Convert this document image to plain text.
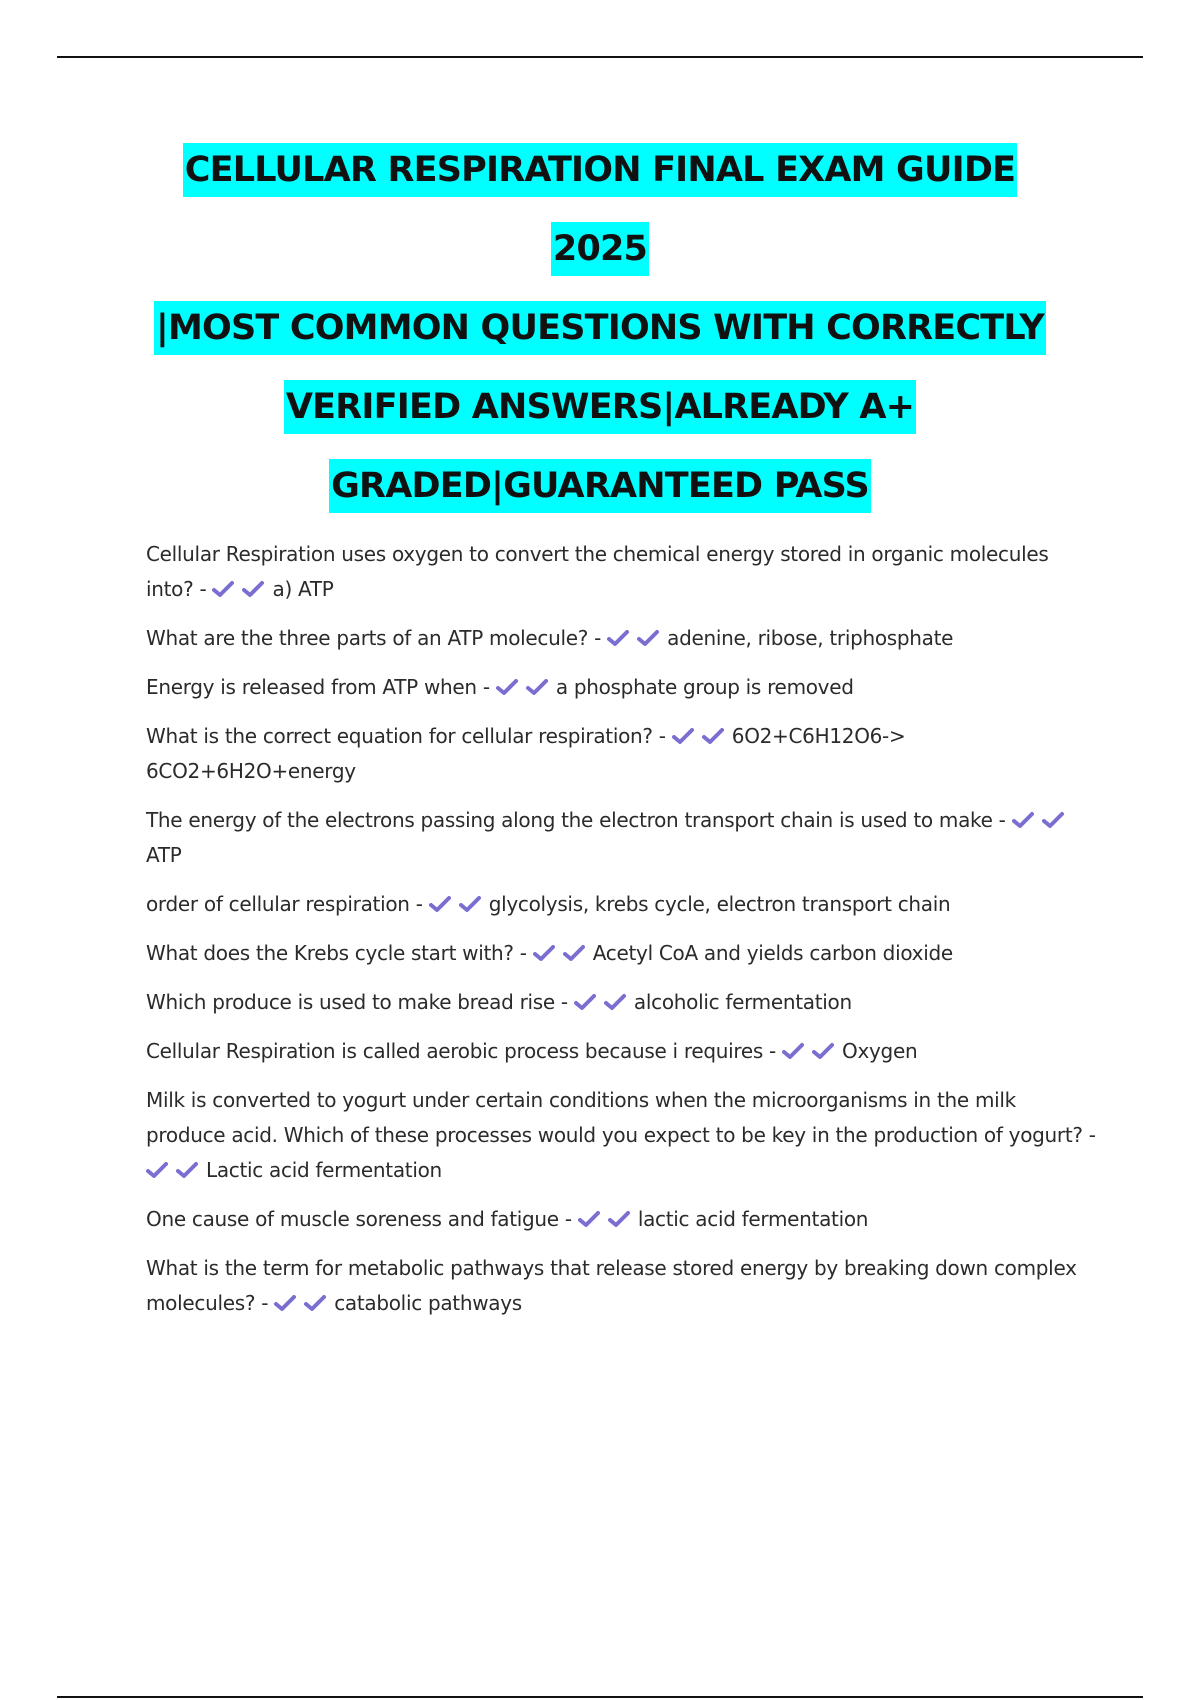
CELLULAR RESPIRATION FINAL EXAM GUIDE
2025
|MOST COMMON QUESTIONS WITH CORRECTLY
VERIFIED ANSWERS|ALREADY A+
GRADED|GUARANTEED PASS
Cellular Respiration uses oxygen to convert the chemical energy stored in organic molecules into? -	a) ATP
What are the three parts of an ATP molecule? -	adenine, ribose, triphosphate
Energy is released from ATP when -	a phosphate group is removed
What is the correct equation for cellular respiration? -	6O2+C6H12O6-> 6CO2+6H2O+energy
The energy of the electrons passing along the electron transport chain is used to make -
ATP
order of cellular respiration -	glycolysis, krebs cycle, electron transport chain
What does the Krebs cycle start with? -	Acetyl CoA and yields carbon dioxide
Which produce is used to make bread rise -	alcoholic fermentation
Cellular Respiration is called aerobic process because i requires -	Oxygen
Milk is converted to yogurt under certain conditions when the microorganisms in the milk produce acid. Which of these processes would you expect to be key in the production of yogurt? -
Lactic acid fermentation
One cause of muscle soreness and fatigue -	lactic acid fermentation
What is the term for metabolic pathways that release stored energy by breaking down complex molecules? -	catabolic pathways
